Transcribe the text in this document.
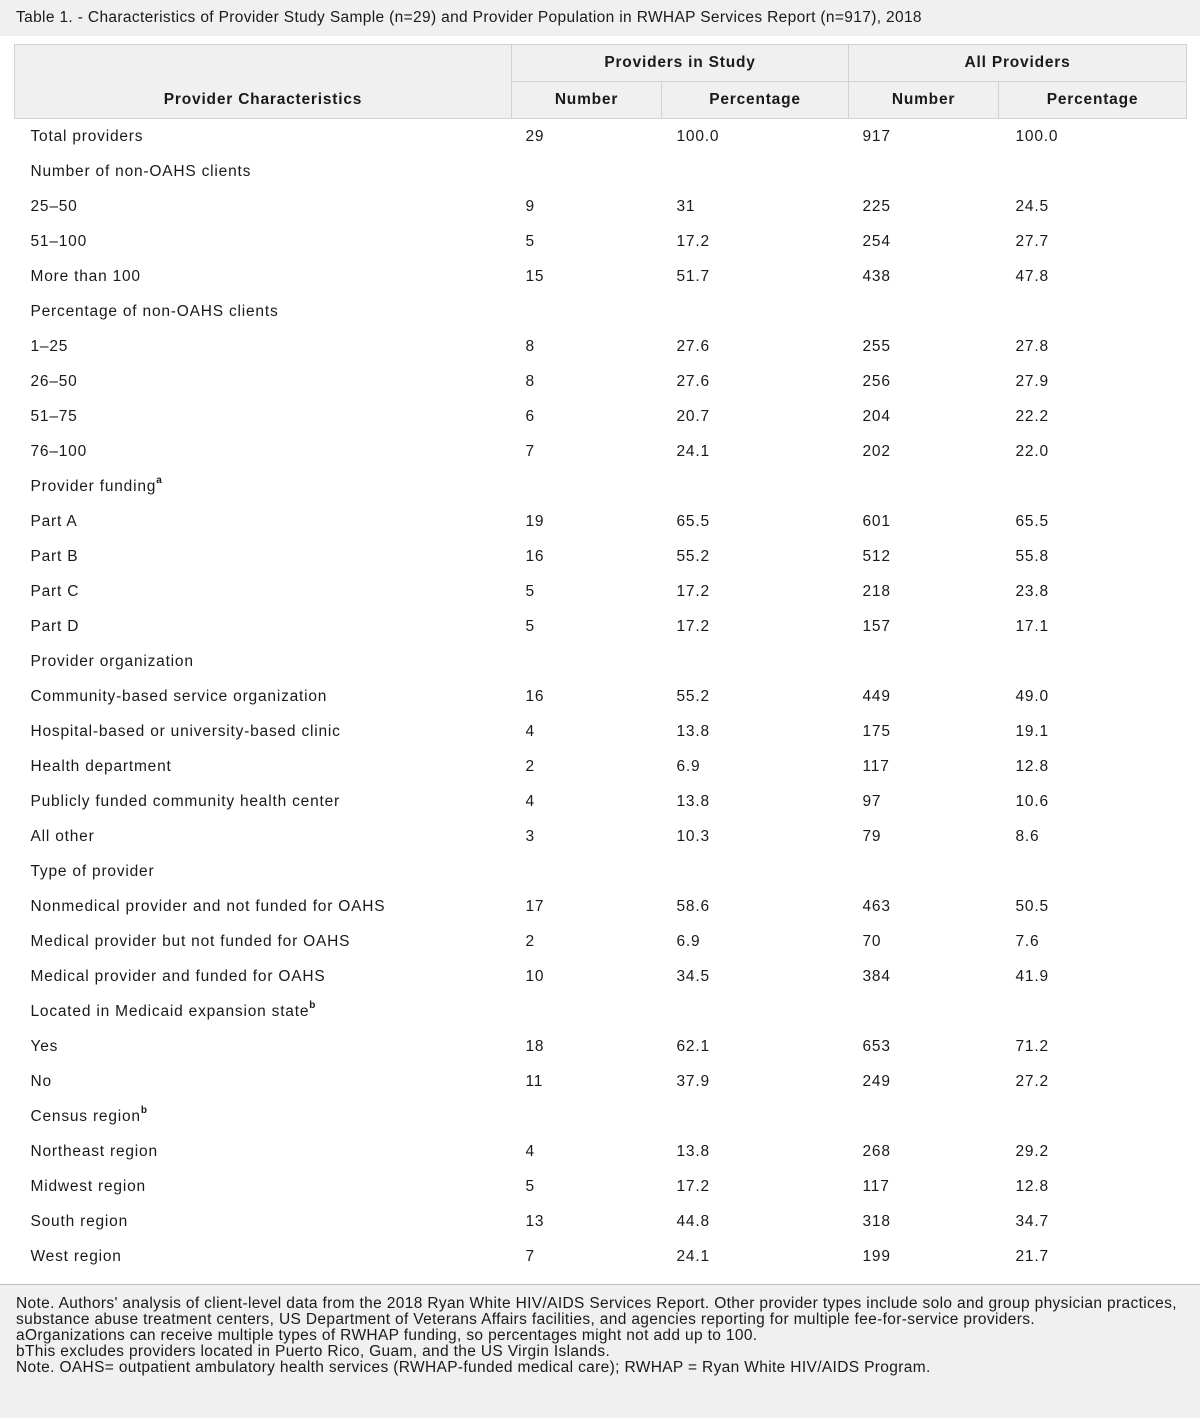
Table 1. - Characteristics of Provider Study Sample (n=29) and Provider Population in RWHAP Services Report (n=917), 2018
	Providers in Study		All Providers	
Provider Characteristics	Number	Percentage	Number	Percentage
Total providers	29	100.0	917	100.0
Number of non-OAHS clients				
25–50	9	31	225	24.5
51–100	5	17.2	254	27.7
More than 100	15	51.7	438	47.8
Percentage of non-OAHS clients				
1–25	8	27.6	255	27.8
26–50	8	27.6	256	27.9
51–75	6	20.7	204	22.2
76–100	7	24.1	202	22.0
Provider funding$^a$				
Part A	19	65.5	601	65.5
Part B	16	55.2	512	55.8
Part C	5	17.2	218	23.8
Part D	5	17.2	157	17.1
Provider organization				
Community-based service organization	16	55.2	449	49.0
Hospital-based or university-based clinic	4	13.8	175	19.1
Health department	2	6.9	117	12.8
Publicly funded community health center	4	13.8	97	10.6
All other	3	10.3	79	8.6
Type of provider				
Nonmedical provider and not funded for OAHS	17	58.6	463	50.5
Medical provider but not funded for OAHS	2	6.9	70	7.6
Medical provider and funded for OAHS	10	34.5	384	41.9
Located in Medicaid expansion state$^b$				
Yes	18	62.1	653	71.2
No	11	37.9	249	27.2
Census region$^b$				
Northeast region	4	13.8	268	29.2
Midwest region	5	17.2	117	12.8
South region	13	44.8	318	34.7
West region	7	24.1	199	21.7

Note. Authors' analysis of client-level data from the 2018 Ryan White HIV/AIDS Services Report. Other provider types include solo and group physician practices, substance abuse treatment centers, US Department of Veterans Affairs facilities, and agencies reporting for multiple fee-for-service providers.

aOrganizations can receive multiple types of RWHAP funding, so percentages might not add up to 100.

bThis excludes providers located in Puerto Rico, Guam, and the US Virgin Islands.

Note. OAHS= outpatient ambulatory health services (RWHAP-funded medical care); RWHAP = Ryan White HIV/AIDS Program.
